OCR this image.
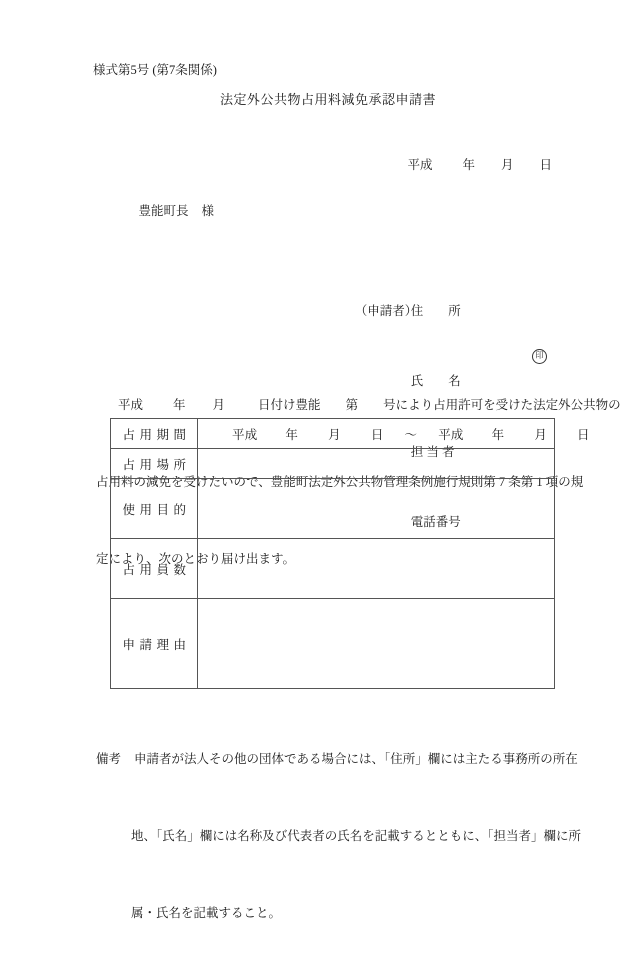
様式第5号 (第7条関係)
法定外公共物占用料減免承認申請書

平成 年 月 日

豊能町長 様

（申請者）住　　所

氏　　名
印

担 当 者

電話番号

平成 年 月	日付け豊能 第 号により占用許可を受けた法定外公共物の

占用料の減免を受けたいので、豊能町法定外公共物管理条例施行規則第 7 条第 1 項の規

定により、次のとおり届け出ます。

占用期間	平成 年 月 日 ～ 平成 年 月 日

占用場所	
使用目的	
占用員数	
申請理由	

備考 申請者が法人その他の団体である場合には、「住所」欄には主たる事務所の所在

地、「氏名」欄には名称及び代表者の氏名を記載するとともに、「担当者」欄に所

属・氏名を記載すること。
